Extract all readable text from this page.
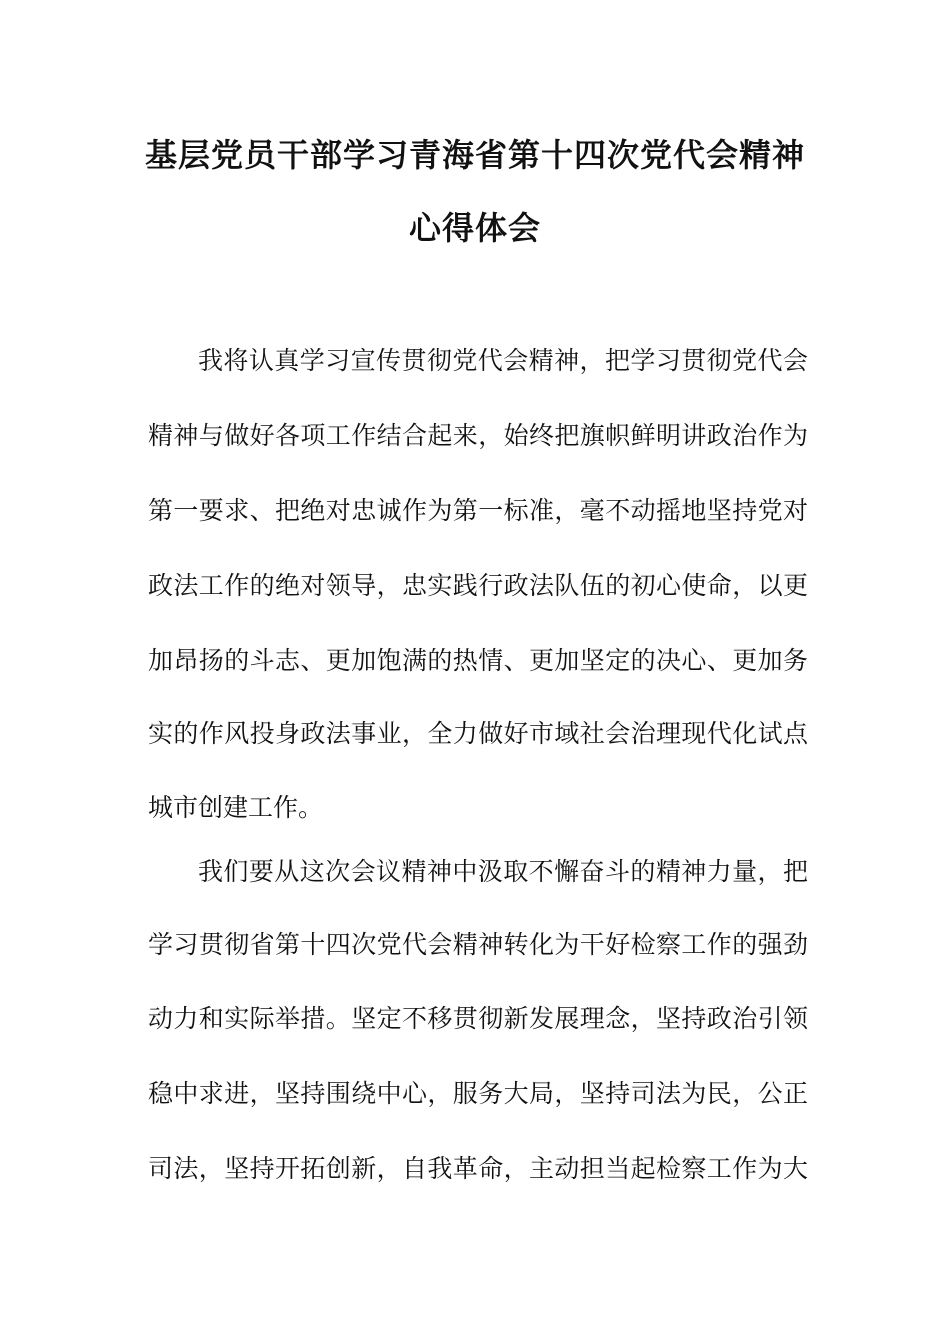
基层党员干部学习青海省第十四次党代会精神
心得体会

我将认真学习宣传贯彻党代会精神，把学习贯彻党代会

精神与做好各项工作结合起来，始终把旗帜鲜明讲政治作为

第一要求、把绝对忠诚作为第一标准，毫不动摇地坚持党对

政法工作的绝对领导，忠实践行政法队伍的初心使命，以更

加昂扬的斗志、更加饱满的热情、更加坚定的决心、更加务

实的作风投身政法事业，全力做好市域社会治理现代化试点

城市创建工作。

我们要从这次会议精神中汲取不懈奋斗的精神力量，把

学习贯彻省第十四次党代会精神转化为干好检察工作的强劲

动力和实际举措。坚定不移贯彻新发展理念，坚持政治引领

稳中求进，坚持围绕中心，服务大局，坚持司法为民，公正

司法，坚持开拓创新，自我革命，主动担当起检察工作为大
